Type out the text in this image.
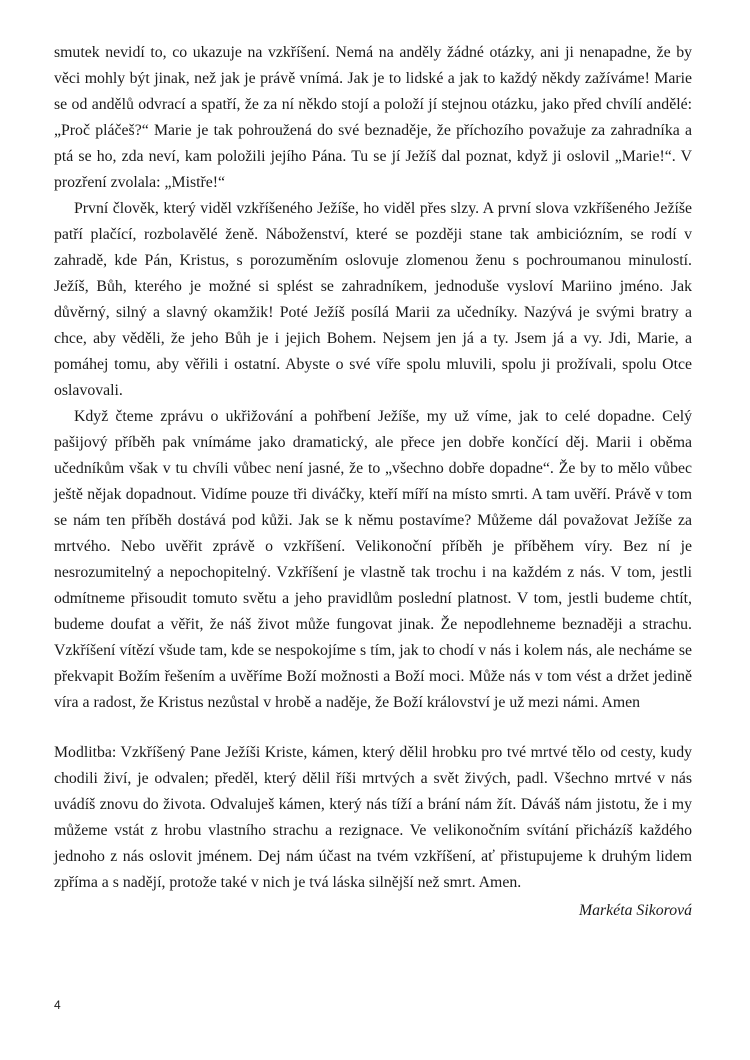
smutek nevidí to, co ukazuje na vzkříšení. Nemá na anděly žádné otázky, ani ji nenapadne, že by věci mohly být jinak, než jak je právě vnímá. Jak je to lidské a jak to každý někdy zažíváme! Marie se od andělů odvrací a spatří, že za ní někdo stojí a položí jí stejnou otázku, jako před chvílí andělé: „Proč pláčeš?“ Marie je tak pohroužená do své beznaděje, že příchozího považuje za zahradníka a ptá se ho, zda neví, kam položili jejího Pána. Tu se jí Ježíš dal poznat, když ji oslovil „Marie!“. V prozření zvolala: „Mistře!“

První člověk, který viděl vzkříšeného Ježíše, ho viděl přes slzy. A první slova vzkříšeného Ježíše patří plačící, rozbolavělé ženě. Náboženství, které se později stane tak ambiciózním, se rodí v zahradě, kde Pán, Kristus, s porozuměním oslovuje zlomenou ženu s pochroumanou minulostí. Ježíš, Bůh, kterého je možné si splést se zahradníkem, jednoduše vysloví Mariino jméno. Jak důvěrný, silný a slavný okamžik! Poté Ježíš posílá Marii za učedníky. Nazývá je svými bratry a chce, aby věděli, že jeho Bůh je i jejich Bohem. Nejsem jen já a ty. Jsem já a vy. Jdi, Marie, a pomáhej tomu, aby věřili i ostatní. Abyste o své víře spolu mluvili, spolu ji prožívali, spolu Otce oslavovali.

Když čteme zprávu o ukřižování a pohřbení Ježíše, my už víme, jak to celé dopadne. Celý pašijový příběh pak vnímáme jako dramatický, ale přece jen dobře končící děj. Marii i oběma učedníkům však v tu chvíli vůbec není jasné, že to „všechno dobře dopadne“. Že by to mělo vůbec ještě nějak dopadnout. Vidíme pouze tři diváčky, kteří míří na místo smrti. A tam uvěří. Právě v tom se nám ten příběh dostává pod kůži. Jak se k němu postavíme? Můžeme dál považovat Ježíše za mrtvého. Nebo uvěřit zprávě o vzkříšení. Velikonoční příběh je příběhem víry. Bez ní je nesrozumitelný a nepochopitelný. Vzkříšení je vlastně tak trochu i na každém z nás. V tom, jestli odmítneme přisoudit tomuto světu a jeho pravidlům poslední platnost. V tom, jestli budeme chtít, budeme doufat a věřit, že náš život může fungovat jinak. Že nepodlehneme beznaději a strachu. Vzkříšení vítězí všude tam, kde se nespokojíme s tím, jak to chodí v nás i kolem nás, ale necháme se překvapit Božím řešením a uvěříme Boží možnosti a Boží moci. Může nás v tom vést a držet jedině víra a radost, že Kristus nezůstal v hrobě a naděje, že Boží království je už mezi námi. Amen

Modlitba: Vzkříšený Pane Ježíši Kriste, kámen, který dělil hrobku pro tvé mrtvé tělo od cesty, kudy chodili živí, je odvalen; předěl, který dělil říši mrtvých a svět živých, padl. Všechno mrtvé v nás uvádíš znovu do života. Odvaluješ kámen, který nás tíží a brání nám žít. Dáváš nám jistotu, že i my můžeme vstát z hrobu vlastního strachu a rezignace. Ve velikonočním svítání přicházíš každého jednoho z nás oslovit jménem. Dej nám účast na tvém vzkříšení, ať přistupujeme k druhým lidem zpříma a s nadějí, protože také v nich je tvá láska silnější než smrt. Amen.

Markéta Sikorová

4
